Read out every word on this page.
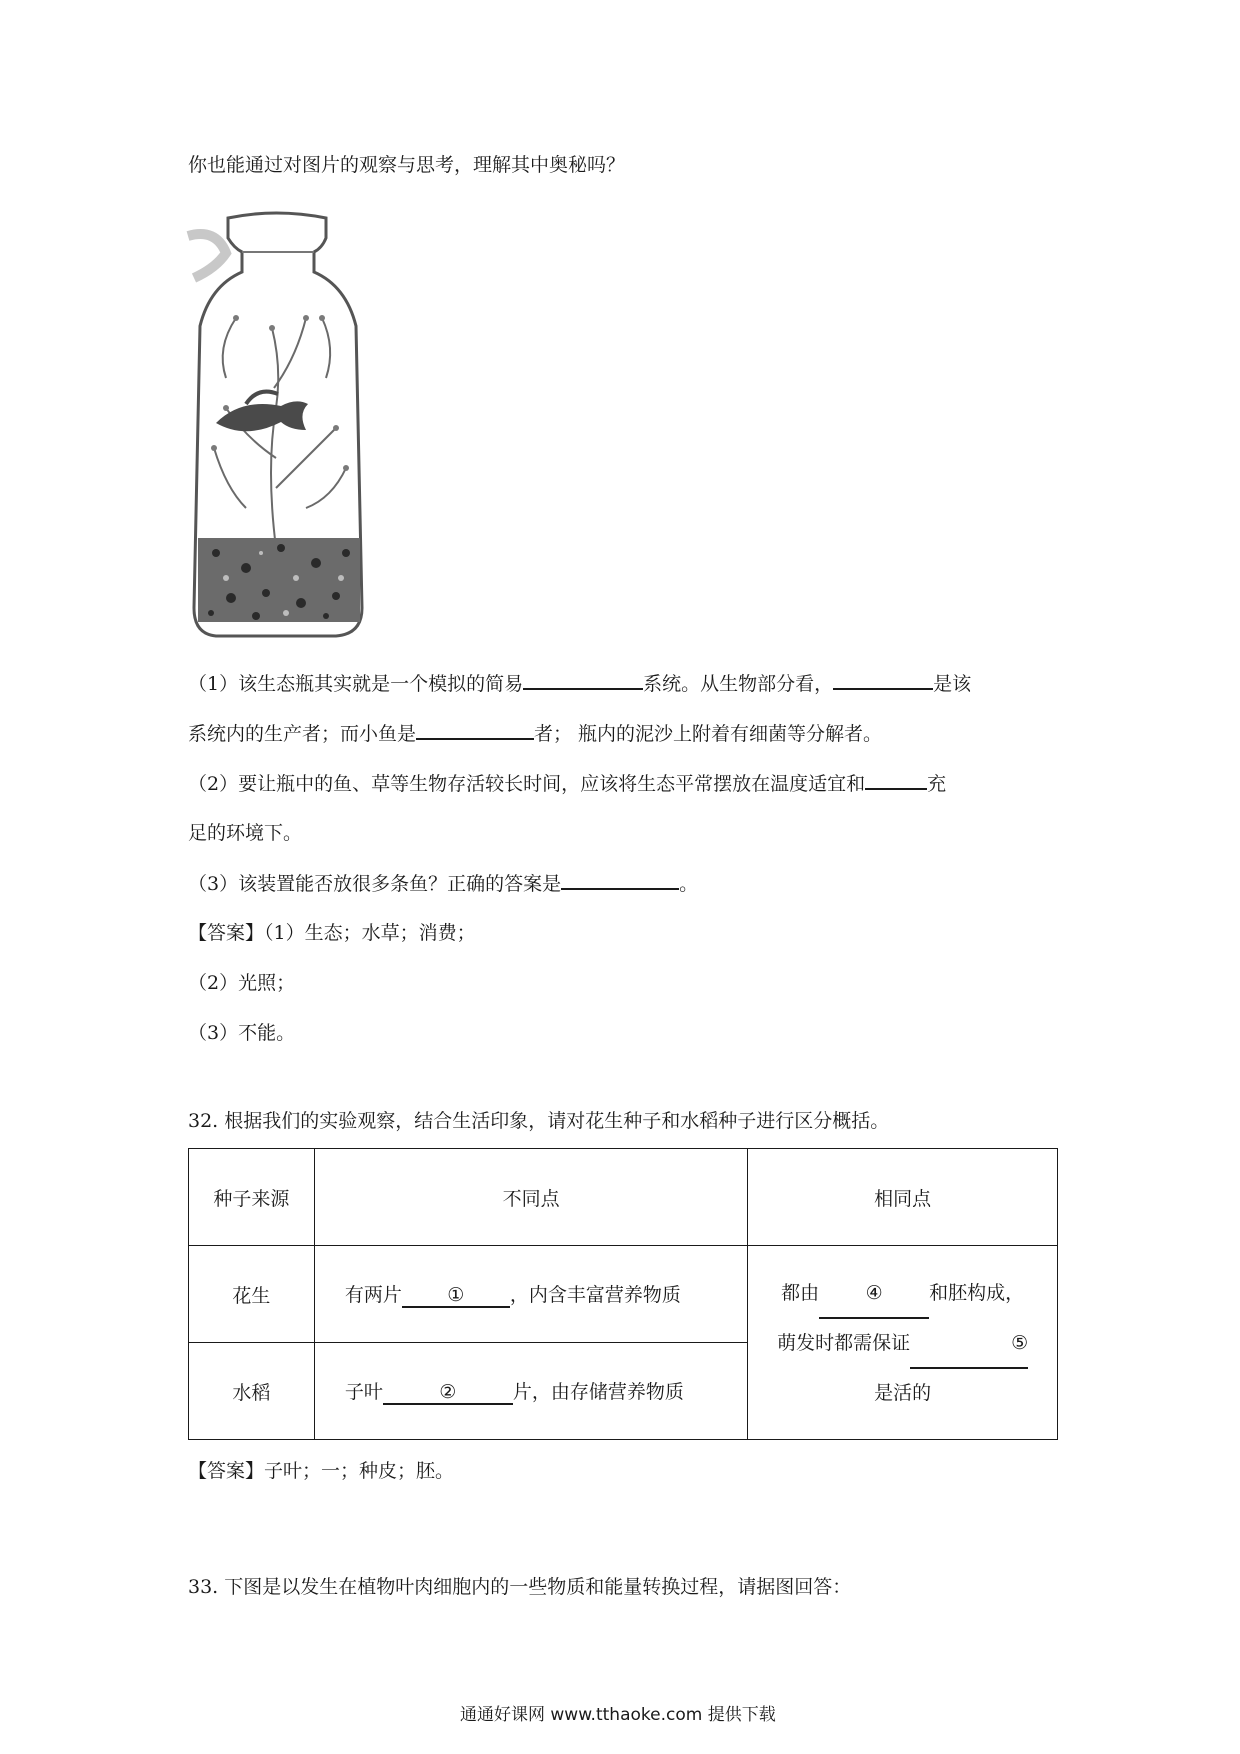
你也能通过对图片的观察与思考，理解其中奥秘吗？
（1）该生态瓶其实就是一个模拟的简易	系统。从生物部分看，	是该
系统内的生产者；而小鱼是	者； 瓶内的泥沙上附着有细菌等分解者。
（2）要让瓶中的鱼、草等生物存活较长时间，应该将生态平常摆放在温度适宜和	充
足的环境下。
（3）该装置能否放很多条鱼？正确的答案是	。
【答案】（1）生态；水草；消费；
（2）光照；
（3）不能。
32. 根据我们的实验观察，结合生活印象，请对花生种子和水稻种子进行区分概括。
种子来源	不同点	相同点
花生	有两片 ① ，内含丰富营养物质	都由 ④ 和胚构成，
萌发时都需保证 ⑤
是活的

水稻	子叶 ② 片，由存储营养物质	
【答案】子叶；一；种皮；胚。
33. 下图是以发生在植物叶肉细胞内的一些物质和能量转换过程，请据图回答：
通通好课网 www.tthaoke.com 提供下载
